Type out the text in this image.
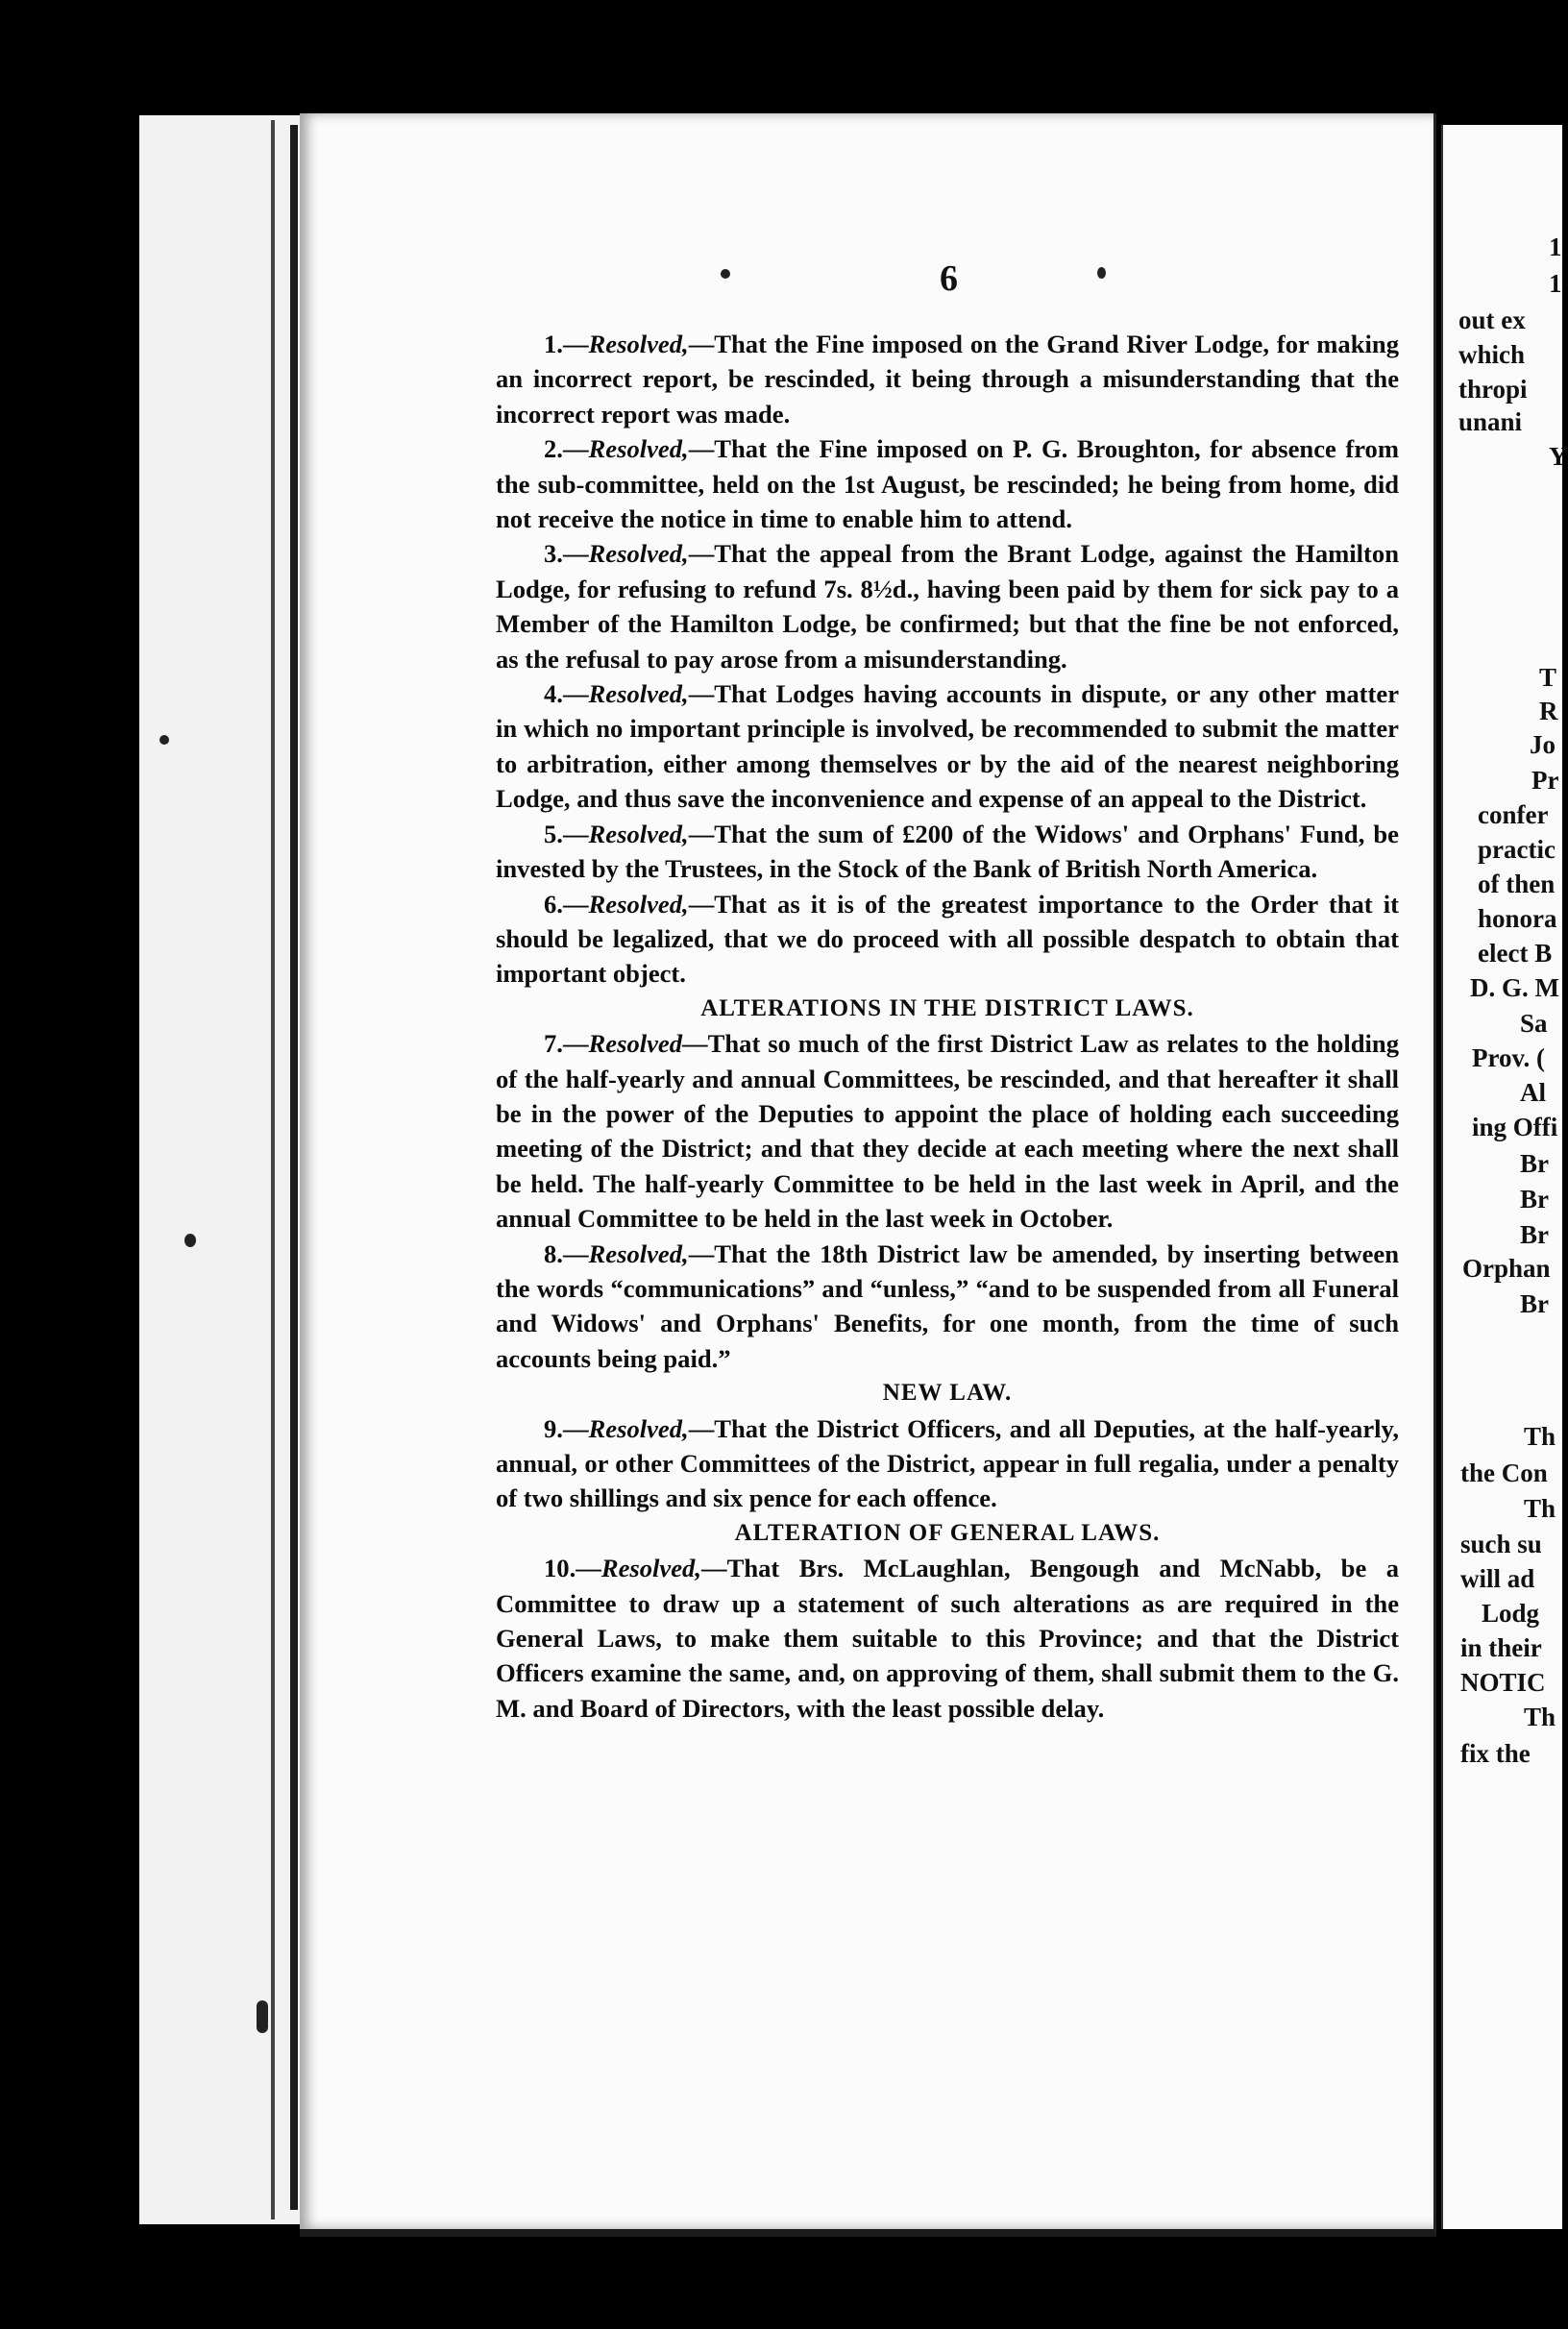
6

1.—Resolved,—That the Fine imposed on the Grand River Lodge, for making an incorrect report, be rescinded, it being through a misunderstanding that the incorrect report was made.

2.—Resolved,—That the Fine imposed on P. G. Broughton, for absence from the sub-committee, held on the 1st August, be rescinded; he being from home, did not receive the notice in time to enable him to attend.

3.—Resolved,—That the appeal from the Brant Lodge, against the Hamilton Lodge, for refusing to refund 7s. 8½d., having been paid by them for sick pay to a Member of the Hamilton Lodge, be confirmed; but that the fine be not enforced, as the refusal to pay arose from a misunderstanding.

4.—Resolved,—That Lodges having accounts in dispute, or any other matter in which no important principle is involved, be recommended to submit the matter to arbitration, either among themselves or by the aid of the nearest neighboring Lodge, and thus save the inconvenience and expense of an appeal to the District.

5.—Resolved,—That the sum of £200 of the Widows' and Orphans' Fund, be invested by the Trustees, in the Stock of the Bank of British North America.

6.—Resolved,—That as it is of the greatest importance to the Order that it should be legalized, that we do proceed with all possible despatch to obtain that important object.

ALTERATIONS IN THE DISTRICT LAWS.

7.—Resolved—That so much of the first District Law as relates to the holding of the half-yearly and annual Committees, be rescinded, and that hereafter it shall be in the power of the Deputies to appoint the place of holding each succeeding meeting of the District; and that they decide at each meeting where the next shall be held. The half-yearly Committee to be held in the last week in April, and the annual Committee to be held in the last week in October.

8.—Resolved,—That the 18th District law be amended, by inserting between the words “communications” and “unless,” “and to be suspended from all Funeral and Widows' and Orphans' Benefits, for one month, from the time of such accounts being paid.”

NEW LAW.

9.—Resolved,—That the District Officers, and all Deputies, at the half-yearly, annual, or other Committees of the District, appear in full regalia, under a penalty of two shillings and six pence for each offence.

ALTERATION OF GENERAL LAWS.

10.—Resolved,—That Brs. McLaughlan, Bengough and McNabb, be a Committee to draw up a statement of such alterations as are required in the General Laws, to make them suitable to this Province; and that the District Officers examine the same, and, on approving of them, shall submit them to the G. M. and Board of Directors, with the least possible delay.

1
1
out ex
which
thropi
unani
Y
T
R
Jo
Pr
confer
practic
of then
honora
elect B
D. G. M
Sa
Prov. (
Al
ing Offi
Br
Br
Br
Orphan
Br
Th
the Con
Th
such su
will ad
Lodg
in their
NOTIC
Th
fix the
